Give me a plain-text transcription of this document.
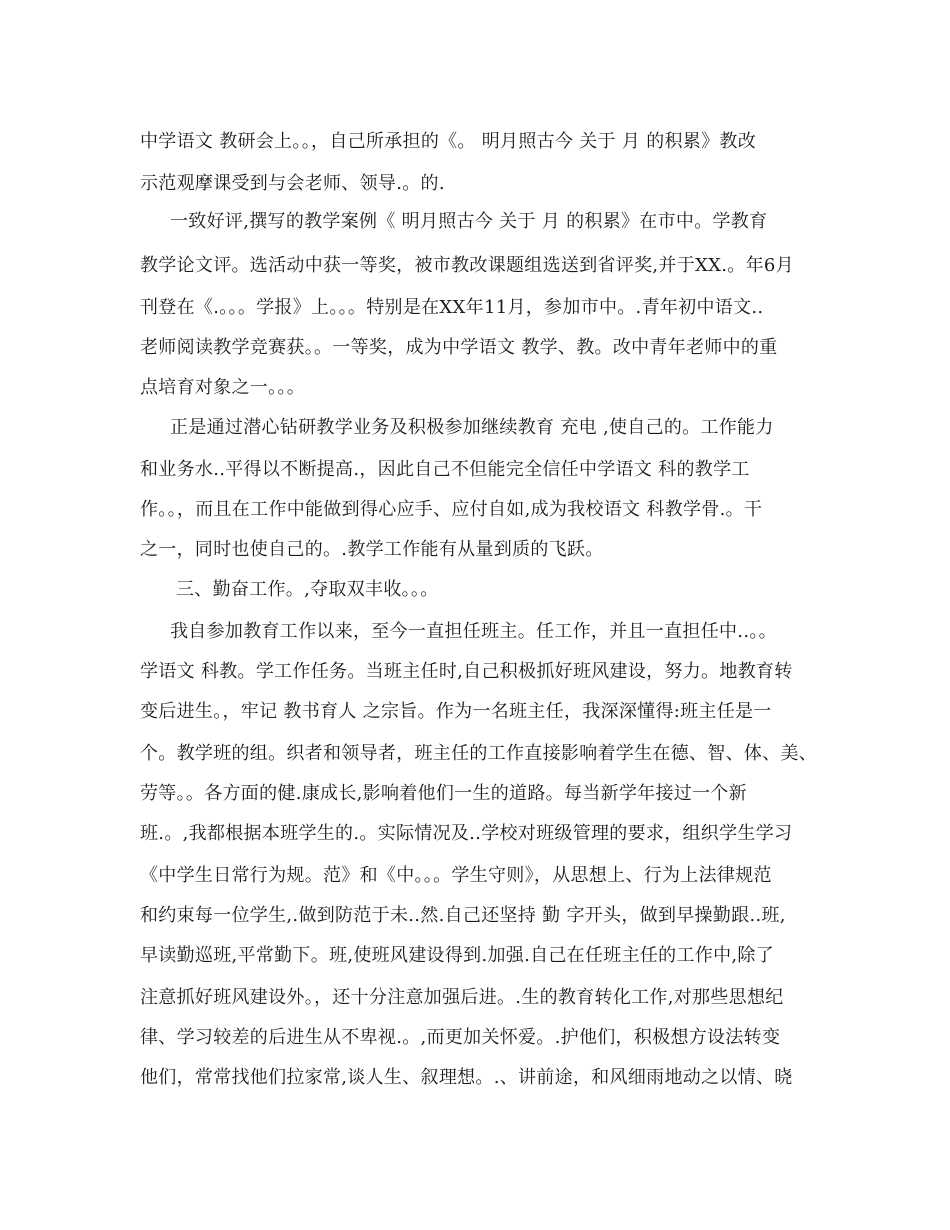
中学语文 教研会上。。，自己所承担的《。 明月照古今 关于 月 的积累》教改
示范观摩课受到与会老师、领导.。的.
一致好评,撰写的教学案例《 明月照古今 关于 月 的积累》在市中。学教育
教学论文评。选活动中获一等奖，被市教改课题组选送到省评奖,并于XX.。年6月
刊登在《.。。。学报》上。。。特别是在XX年11月，参加市中。.青年初中语文..
老师阅读教学竞赛获。。一等奖，成为中学语文 教学、教。改中青年老师中的重
点培育对象之一。。。
正是通过潜心钻研教学业务及积极参加继续教育 充电 ,使自己的。工作能力
和业务水..平得以不断提高.，因此自己不但能完全信任中学语文 科的教学工
作。。，而且在工作中能做到得心应手、应付自如,成为我校语文 科教学骨.。干
之一，同时也使自己的。.教学工作能有从量到质的飞跃。
三、勤奋工作。,夺取双丰收。。。
我自参加教育工作以来，至今一直担任班主。任工作，并且一直担任中..。。
学语文 科教。学工作任务。当班主任时,自己积极抓好班风建设，努力。地教育转
变后进生。，牢记 教书育人 之宗旨。作为一名班主任，我深深懂得:班主任是一
个。教学班的组。织者和领导者，班主任的工作直接影响着学生在德、智、体、美、
劳等。。各方面的健.康成长,影响着他们一生的道路。每当新学年接过一个新
班.。,我都根据本班学生的.。实际情况及..学校对班级管理的要求，组织学生学习
《中学生日常行为规。范》和《中。。。学生守则》，从思想上、行为上法律规范
和约束每一位学生,.做到防范于未..然.自己还坚持 勤 字开头，做到早操勤跟..班,
早读勤巡班,平常勤下。班,使班风建设得到.加强.自己在任班主任的工作中,除了
注意抓好班风建设外。，还十分注意加强后进。.生的教育转化工作,对那些思想纪
律、学习较差的后进生从不卑视.。,而更加关怀爱。.护他们，积极想方设法转变
他们，常常找他们拉家常,谈人生、叙理想。.、讲前途，和风细雨地动之以情、晓
